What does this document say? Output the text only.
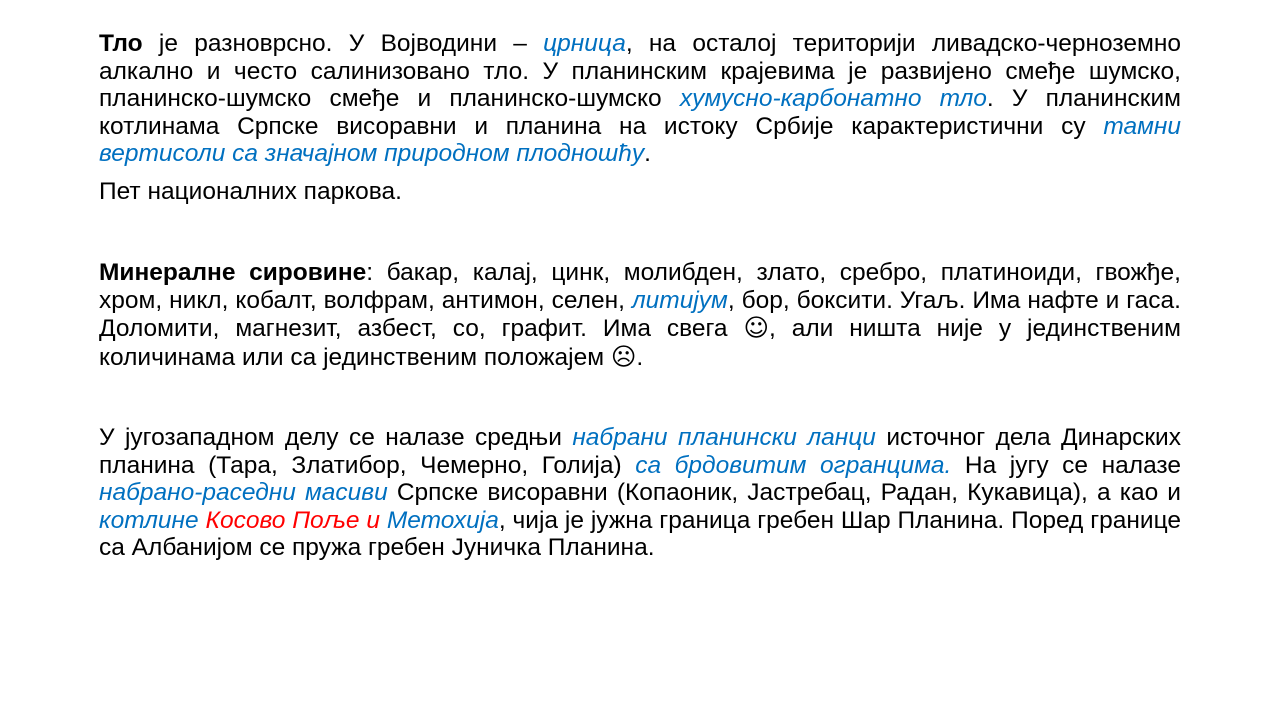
Тло је разноврсно. У Војводини – црница, на осталој територији ливадско-черноземно алкално и често салинизовано тло. У планинским крајевима је развијено смеђе шумско, планинско-шумско смеђе и планинско-шумско хумусно-карбонатно тло. У планинским котлинама Српске висоравни и планина на истоку Србије карактеристични су тамни вертисоли са значајном природном плодношћу.

Пет националних паркова.

Минералне сировине: бакар, калај, цинк, молибден, злато, сребро, платиноиди, гвожђе, хром, никл, кобалт, волфрам, антимон, селен, литијум, бор, боксити. Угаљ. Има нафте и гаса. Доломити, магнезит, азбест, со, графит. Има свега ☺, али ништа није у јединственим количинама или са јединственим положајем ☹.

У југозападном делу се налазе средњи набрани планински ланци источног дела Динарских планина (Тара, Златибор, Чемерно, Голија) са брдовитим огранцима. На југу се налазе набрано-раседни масиви Српске висоравни (Копаоник, Јастребац, Радан, Кукавица), а као и котлине Косово Поље и Метохија, чија је јужна граница гребен Шар Планина. Поред границе са Албанијом се пружа гребен Јуничка Планина.
